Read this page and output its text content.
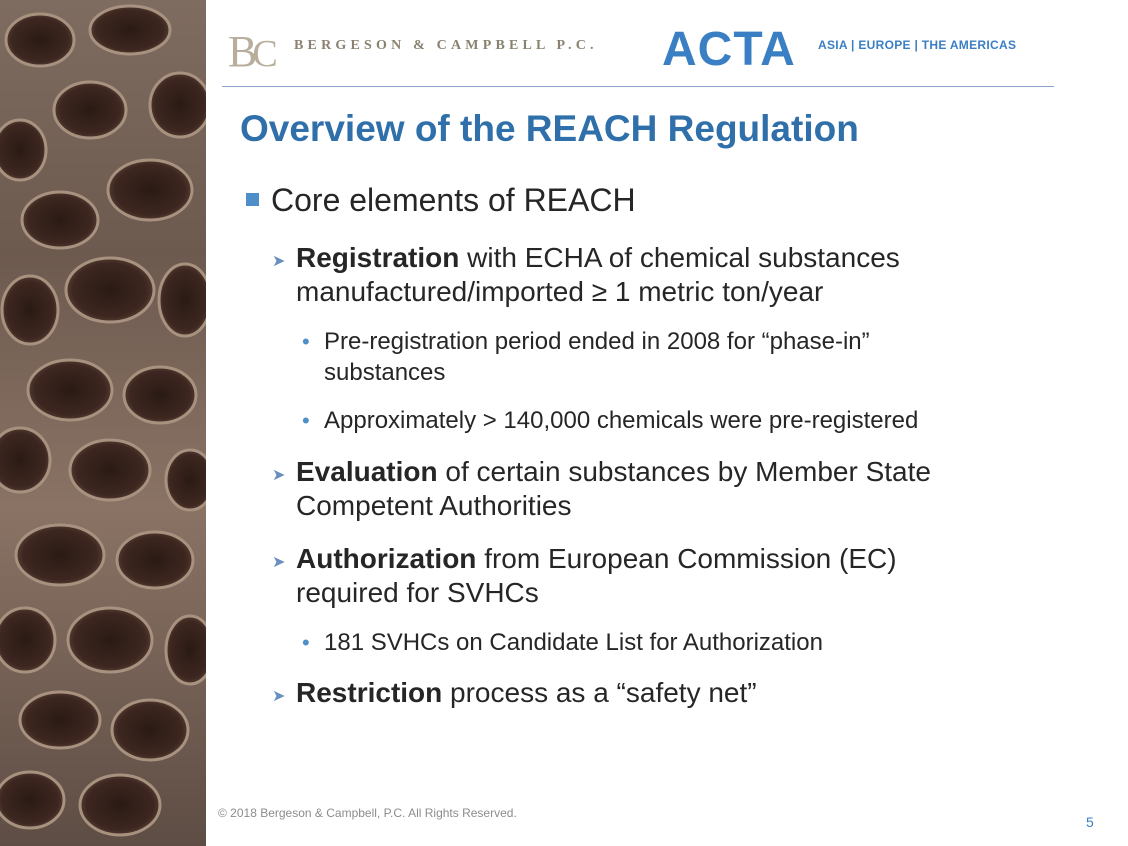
BC BERGESON & CAMPBELL P.C. ACTA ASIA | EUROPE | THE AMERICAS
Overview of the REACH Regulation
Core elements of REACH
➤ Registration with ECHA of chemical substances
manufactured/imported ≥ 1 metric ton/year
• Pre-registration period ended in 2008 for “phase-in”
substances
• Approximately > 140,000 chemicals were pre-registered
➤ Evaluation of certain substances by Member State
Competent Authorities
➤ Authorization from European Commission (EC)
required for SVHCs
• 181 SVHCs on Candidate List for Authorization
➤ Restriction process as a “safety net”
© 2018 Bergeson & Campbell, P.C. All Rights Reserved.
5
